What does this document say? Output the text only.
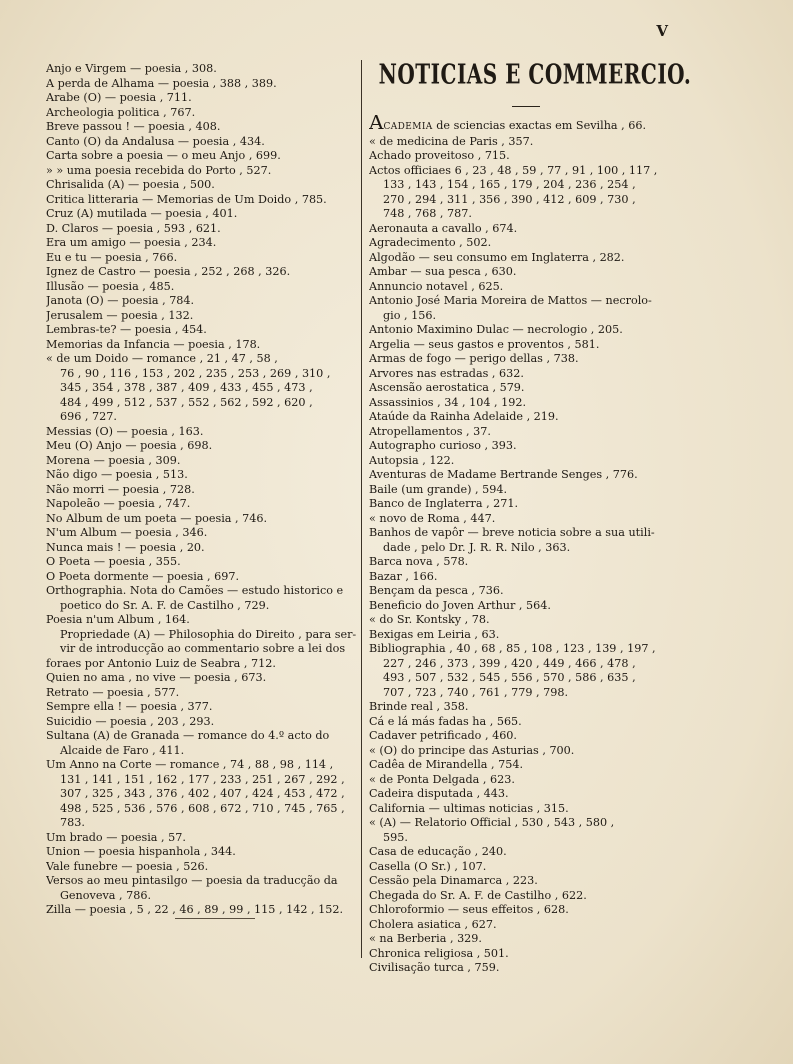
V
Anjo e Virgem — poesia , 308.
A perda de Alhama — poesia , 388 , 389.
Arabe (O) — poesia , 711.
Archeologia politica , 767.
Breve passou ! — poesia , 408.
Canto (O) da Andalusa — poesia , 434.
Carta sobre a poesia — o meu Anjo , 699.
» » uma poesia recebida do Porto , 527.
Chrisalida (A) — poesia , 500.
Critica litteraria — Memorias de Um Doido , 785.
Cruz (A) mutilada — poesia , 401.
D. Claros — poesia , 593 , 621.
Era um amigo — poesia , 234.
Eu e tu — poesia , 766.
Ignez de Castro — poesia , 252 , 268 , 326.
Illusão — poesia , 485.
Janota (O) — poesia , 784.
Jerusalem — poesia , 132.
Lembras-te? — poesia , 454.
Memorias da Infancia — poesia , 178.
« de um Doido — romance , 21 , 47 , 58 ,
76 , 90 , 116 , 153 , 202 , 235 , 253 , 269 , 310 ,
345 , 354 , 378 , 387 , 409 , 433 , 455 , 473 ,
484 , 499 , 512 , 537 , 552 , 562 , 592 , 620 ,
696 , 727.
Messias (O) — poesia , 163.
Meu (O) Anjo — poesia , 698.
Morena — poesia , 309.
Não digo — poesia , 513.
Não morri — poesia , 728.
Napoleão — poesia , 747.
No Album de um poeta — poesia , 746.
N'um Album — poesia , 346.
Nunca mais ! — poesia , 20.
O Poeta — poesia , 355.
O Poeta dormente — poesia , 697.
Orthographia. Nota do Camões — estudo historico e
poetico do Sr. A. F. de Castilho , 729.
Poesia n'um Album , 164.
Propriedade (A) — Philosophia do Direito , para ser-
vir de introducção ao commentario sobre a lei dos
foraes por Antonio Luiz de Seabra , 712.
Quien no ama , no vive — poesia , 673.
Retrato — poesia , 577.
Sempre ella ! — poesia , 377.
Suicidio — poesia , 203 , 293.
Sultana (A) de Granada — romance do 4.º acto do
Alcaide de Faro , 411.
Um Anno na Corte — romance , 74 , 88 , 98 , 114 ,
131 , 141 , 151 , 162 , 177 , 233 , 251 , 267 , 292 ,
307 , 325 , 343 , 376 , 402 , 407 , 424 , 453 , 472 ,
498 , 525 , 536 , 576 , 608 , 672 , 710 , 745 , 765 ,
783.
Um brado — poesia , 57.
Union — poesia hispanhola , 344.
Vale funebre — poesia , 526.
Versos ao meu pintasilgo — poesia da traducção da
Genoveva , 786.
Zilla — poesia , 5 , 22 , 46 , 89 , 99 , 115 , 142 , 152.
NOTICIAS E COMMERCIO.
ACADEMIA de sciencias exactas em Sevilha , 66.
« de medicina de Paris , 357.
Achado proveitoso , 715.
Actos officiaes 6 , 23 , 48 , 59 , 77 , 91 , 100 , 117 ,
133 , 143 , 154 , 165 , 179 , 204 , 236 , 254 ,
270 , 294 , 311 , 356 , 390 , 412 , 609 , 730 ,
748 , 768 , 787.
Aeronauta a cavallo , 674.
Agradecimento , 502.
Algodão — seu consumo em Inglaterra , 282.
Ambar — sua pesca , 630.
Annuncio notavel , 625.
Antonio José Maria Moreira de Mattos — necrolo-
gio , 156.
Antonio Maximino Dulac — necrologio , 205.
Argelia — seus gastos e proventos , 581.
Armas de fogo — perigo dellas , 738.
Arvores nas estradas , 632.
Ascensão aerostatica , 579.
Assassinios , 34 , 104 , 192.
Ataúde da Rainha Adelaide , 219.
Atropellamentos , 37.
Autographo curioso , 393.
Autopsia , 122.
Aventuras de Madame Bertrande Senges , 776.
Baile (um grande) , 594.
Banco de Inglaterra , 271.
« novo de Roma , 447.
Banhos de vapôr — breve noticia sobre a sua utili-
dade , pelo Dr. J. R. R. Nilo , 363.
Barca nova , 578.
Bazar , 166.
Bençam da pesca , 736.
Beneficio do Joven Arthur , 564.
« do Sr. Kontsky , 78.
Bexigas em Leiria , 63.
Bibliographia , 40 , 68 , 85 , 108 , 123 , 139 , 197 ,
227 , 246 , 373 , 399 , 420 , 449 , 466 , 478 ,
493 , 507 , 532 , 545 , 556 , 570 , 586 , 635 ,
707 , 723 , 740 , 761 , 779 , 798.
Brinde real , 358.
Cá e lá más fadas ha , 565.
Cadaver petrificado , 460.
« (O) do principe das Asturias , 700.
Cadêa de Mirandella , 754.
« de Ponta Delgada , 623.
Cadeira disputada , 443.
California — ultimas noticias , 315.
« (A) — Relatorio Official , 530 , 543 , 580 ,
595.
Casa de educação , 240.
Casella (O Sr.) , 107.
Cessão pela Dinamarca , 223.
Chegada do Sr. A. F. de Castilho , 622.
Chloroformio — seus effeitos , 628.
Cholera asiatica , 627.
« na Berberia , 329.
Chronica religiosa , 501.
Civilisação turca , 759.
